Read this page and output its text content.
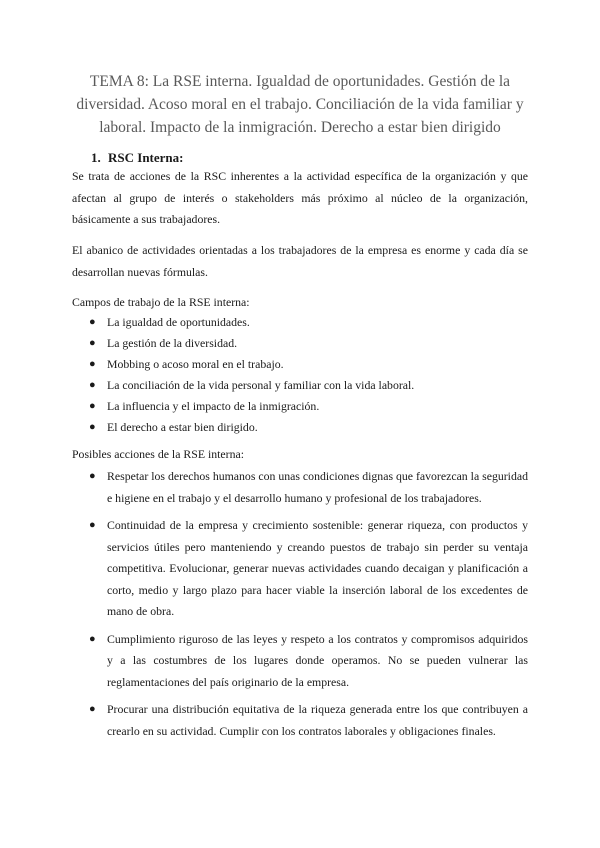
TEMA 8: La RSE interna. Igualdad de oportunidades. Gestión de la diversidad. Acoso moral en el trabajo. Conciliación de la vida familiar y laboral. Impacto de la inmigración. Derecho a estar bien dirigido
1. RSC Interna:

Se trata de acciones de la RSC inherentes a la actividad específica de la organización y que afectan al grupo de interés o stakeholders más próximo al núcleo de la organización, básicamente a sus trabajadores.

El abanico de actividades orientadas a los trabajadores de la empresa es enorme y cada día se desarrollan nuevas fórmulas.

Campos de trabajo de la RSE interna:

● La igualdad de oportunidades.
● La gestión de la diversidad.
● Mobbing o acoso moral en el trabajo.
● La conciliación de la vida personal y familiar con la vida laboral.
● La influencia y el impacto de la inmigración.
● El derecho a estar bien dirigido.

Posibles acciones de la RSE interna:

● Respetar los derechos humanos con unas condiciones dignas que favorezcan la seguridad e higiene en el trabajo y el desarrollo humano y profesional de los trabajadores.
● Continuidad de la empresa y crecimiento sostenible: generar riqueza, con productos y servicios útiles pero manteniendo y creando puestos de trabajo sin perder su ventaja competitiva. Evolucionar, generar nuevas actividades cuando decaigan y planificación a corto, medio y largo plazo para hacer viable la inserción laboral de los excedentes de mano de obra.
● Cumplimiento riguroso de las leyes y respeto a los contratos y compromisos adquiridos y a las costumbres de los lugares donde operamos. No se pueden vulnerar las reglamentaciones del país originario de la empresa.
● Procurar una distribución equitativa de la riqueza generada entre los que contribuyen a crearlo en su actividad. Cumplir con los contratos laborales y obligaciones finales.
